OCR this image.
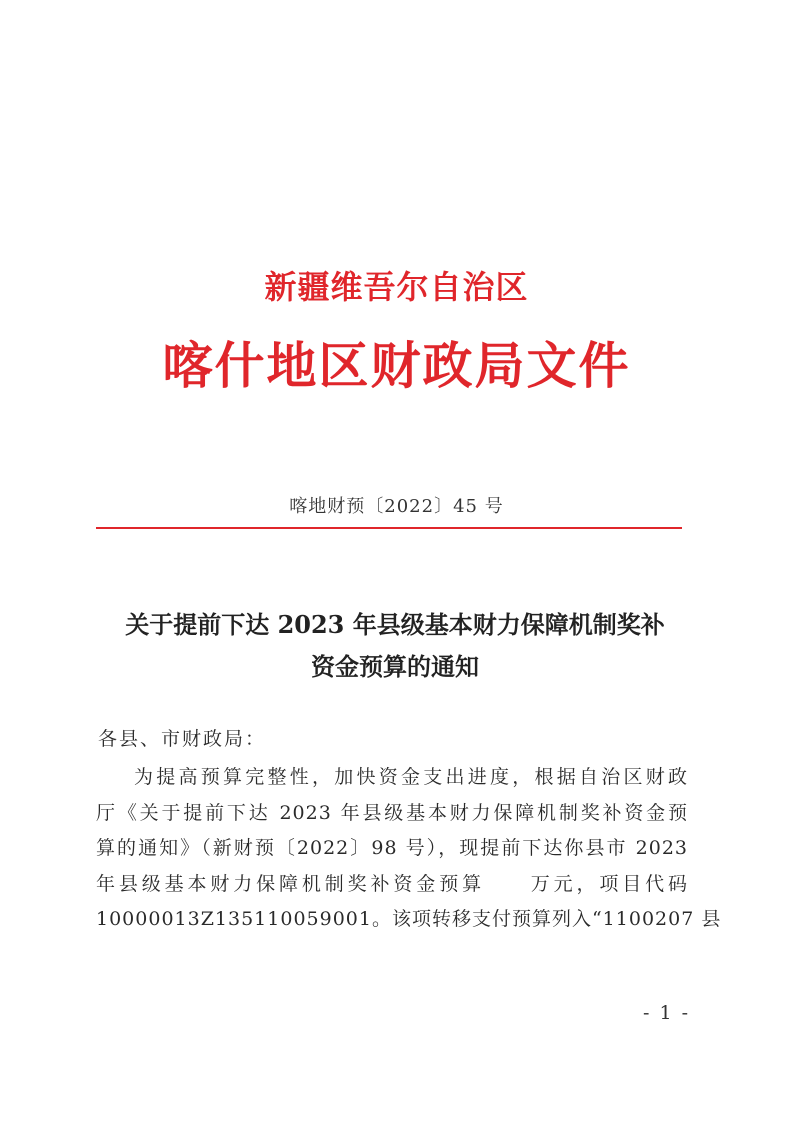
新疆维吾尔自治区
喀什地区财政局文件
喀地财预〔2022〕45 号
关于提前下达 2023 年县级基本财力保障机制奖补
资金预算的通知
各县、市财政局：
为提高预算完整性，加快资金支出进度，根据自治区财政
厅《关于提前下达 2023 年县级基本财力保障机制奖补资金预
算的通知》（新财预〔2022〕98 号），现提前下达你县市 2023
年县级基本财力保障机制奖补资金预算　　万元，项目代码
10000013Z135110059001。该项转移支付预算列入“1100207 县
- 1 -
